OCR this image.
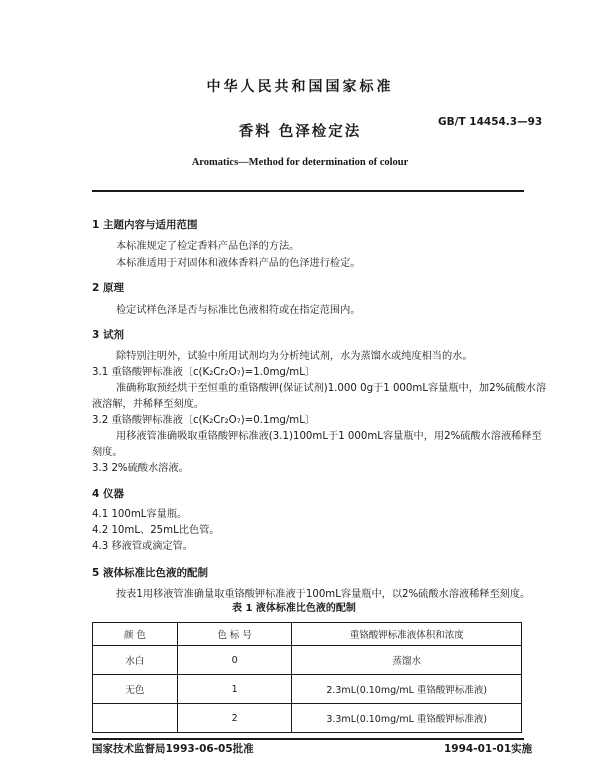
中华人民共和国国家标准
GB/T 14454.3—93
香料 色泽检定法
Aromatics—Method for determination of colour
1 主题内容与适用范围
本标准规定了检定香料产品色泽的方法。
本标准适用于对固体和液体香料产品的色泽进行检定。
2 原理
检定试样色泽是否与标准比色液相符或在指定范围内。
3 试剂
除特别注明外，试验中所用试剂均为分析纯试剂，水为蒸馏水或纯度相当的水。
3.1 重铬酸钾标准液〔c(K₂Cr₂O₇)=1.0mg/mL〕
准确称取预经烘干至恒重的重铬酸钾(保证试剂)1.000 0g于1 000mL容量瓶中，加2%硫酸水溶
液溶解，并稀释至刻度。
3.2 重铬酸钾标准液〔c(K₂Cr₂O₇)=0.1mg/mL〕
用移液管准确吸取重铬酸钾标准液(3.1)100mL于1 000mL容量瓶中，用2%硫酸水溶液稀释至
刻度。
3.3 2%硫酸水溶液。
4 仪器
4.1 100mL容量瓶。
4.2 10mL、25mL比色管。
4.3 移液管或滴定管。
5 液体标准比色液的配制
按表1用移液管准确量取重铬酸钾标准液于100mL容量瓶中，以2%硫酸水溶液稀释至刻度。
表 1 液体标准比色液的配制
颜 色	色 标 号	重铬酸钾标准液体积和浓度
水白	0	蒸馏水
无色	1	2.3mL(0.10mg/mL 重铬酸钾标准液)
	2	3.3mL(0.10mg/mL 重铬酸钾标准液)
国家技术监督局1993-06-05批准	1994-01-01实施
